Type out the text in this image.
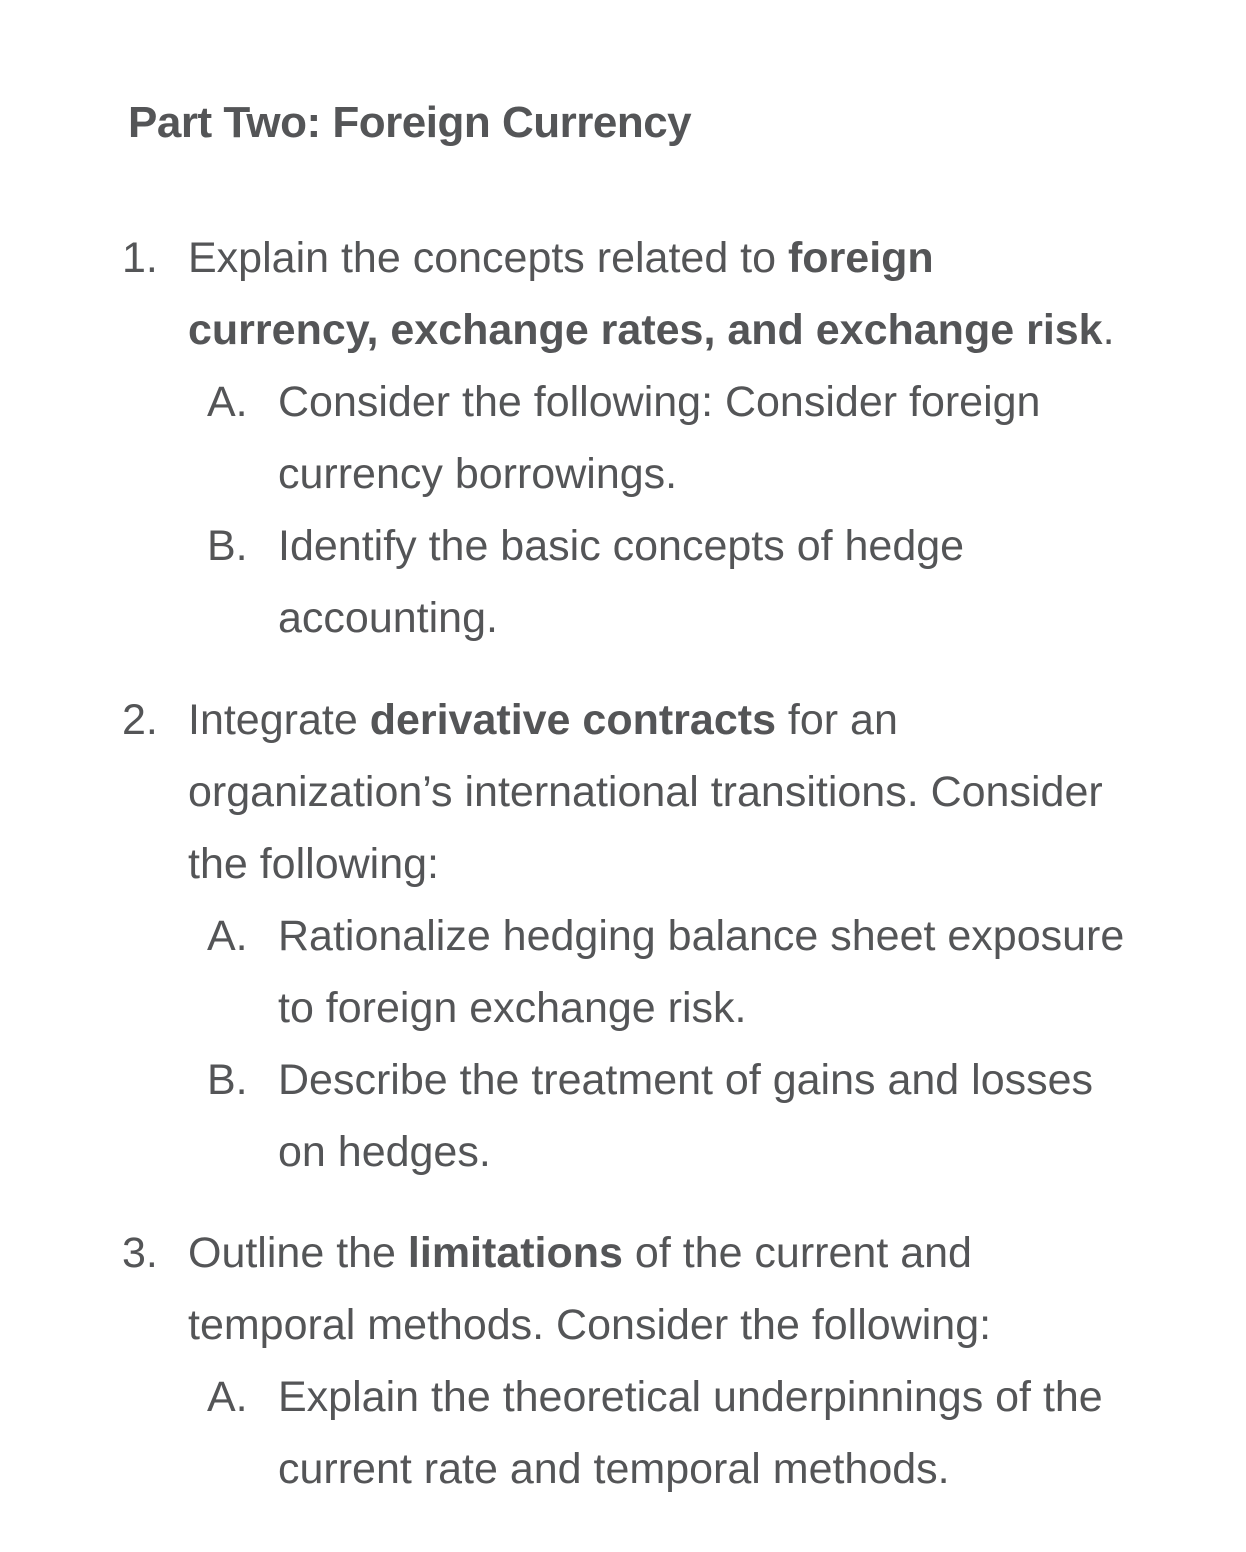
Part Two: Foreign Currency
1. Explain the concepts related to foreign
currency, exchange rates, and exchange risk.
A. Consider the following: Consider foreign
currency borrowings.
B. Identify the basic concepts of hedge
accounting.
2. Integrate derivative contracts for an
organization’s international transitions. Consider
the following:
A. Rationalize hedging balance sheet exposure
to foreign exchange risk.
B. Describe the treatment of gains and losses
on hedges.
3. Outline the limitations of the current and
temporal methods. Consider the following:
A. Explain the theoretical underpinnings of the
current rate and temporal methods.
